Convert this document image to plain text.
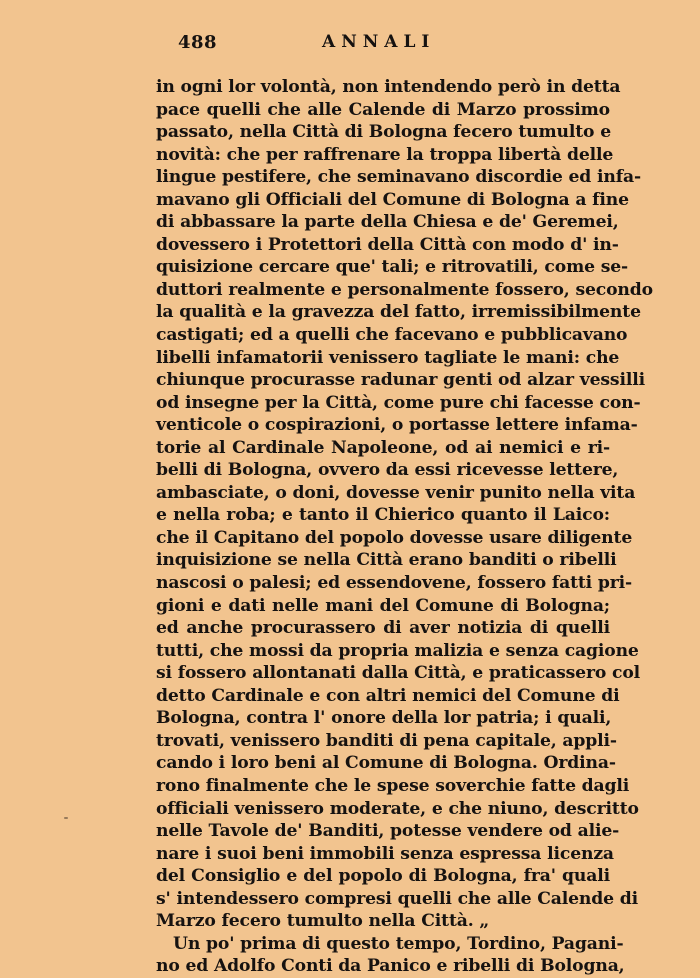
488	ANNALI
in ogni lor volontà, non intendendo però in detta
pace quelli che alle Calende di Marzo prossimo
passato, nella Città di Bologna fecero tumulto e
novità: che per raffrenare la troppa libertà delle
lingue pestifere, che seminavano discordie ed infa-
mavano gli Officiali del Comune di Bologna a fine
di abbassare la parte della Chiesa e de' Geremei,
dovessero i Protettori della Città con modo d' in-
quisizione cercare que' tali; e ritrovatili, come se-
duttori realmente e personalmente fossero, secondo
la qualità e la gravezza del fatto, irremissibilmente
castigati; ed a quelli che facevano e pubblicavano
libelli infamatorii venissero tagliate le mani: che
chiunque procurasse radunar genti od alzar vessilli
od insegne per la Città, come pure chi facesse con-
venticole o cospirazioni, o portasse lettere infama-
torie al Cardinale Napoleone, od ai nemici e ri-
belli di Bologna, ovvero da essi ricevesse lettere,
ambasciate, o doni, dovesse venir punito nella vita
e nella roba; e tanto il Chierico quanto il Laico:
che il Capitano del popolo dovesse usare diligente
inquisizione se nella Città erano banditi o ribelli
nascosi o palesi; ed essendovene, fossero fatti pri-
gioni e dati nelle mani del Comune di Bologna;
ed anche procurassero di aver notizia di quelli
tutti, che mossi da propria malizia e senza cagione
si fossero allontanati dalla Città, e praticassero col
detto Cardinale e con altri nemici del Comune di
Bologna, contra l' onore della lor patria; i quali,
trovati, venissero banditi di pena capitale, appli-
cando i loro beni al Comune di Bologna. Ordina-
rono finalmente che le spese soverchie fatte dagli
officiali venissero moderate, e che niuno, descritto
nelle Tavole de' Banditi, potesse vendere od alie-
nare i suoi beni immobili senza espressa licenza
del Consiglio e del popolo di Bologna, fra' quali
s' intendessero compresi quelli che alle Calende di
Marzo fecero tumulto nella Città. „
Un po' prima di questo tempo, Tordino, Pagani-
no ed Adolfo Conti da Panico e ribelli di Bologna,
